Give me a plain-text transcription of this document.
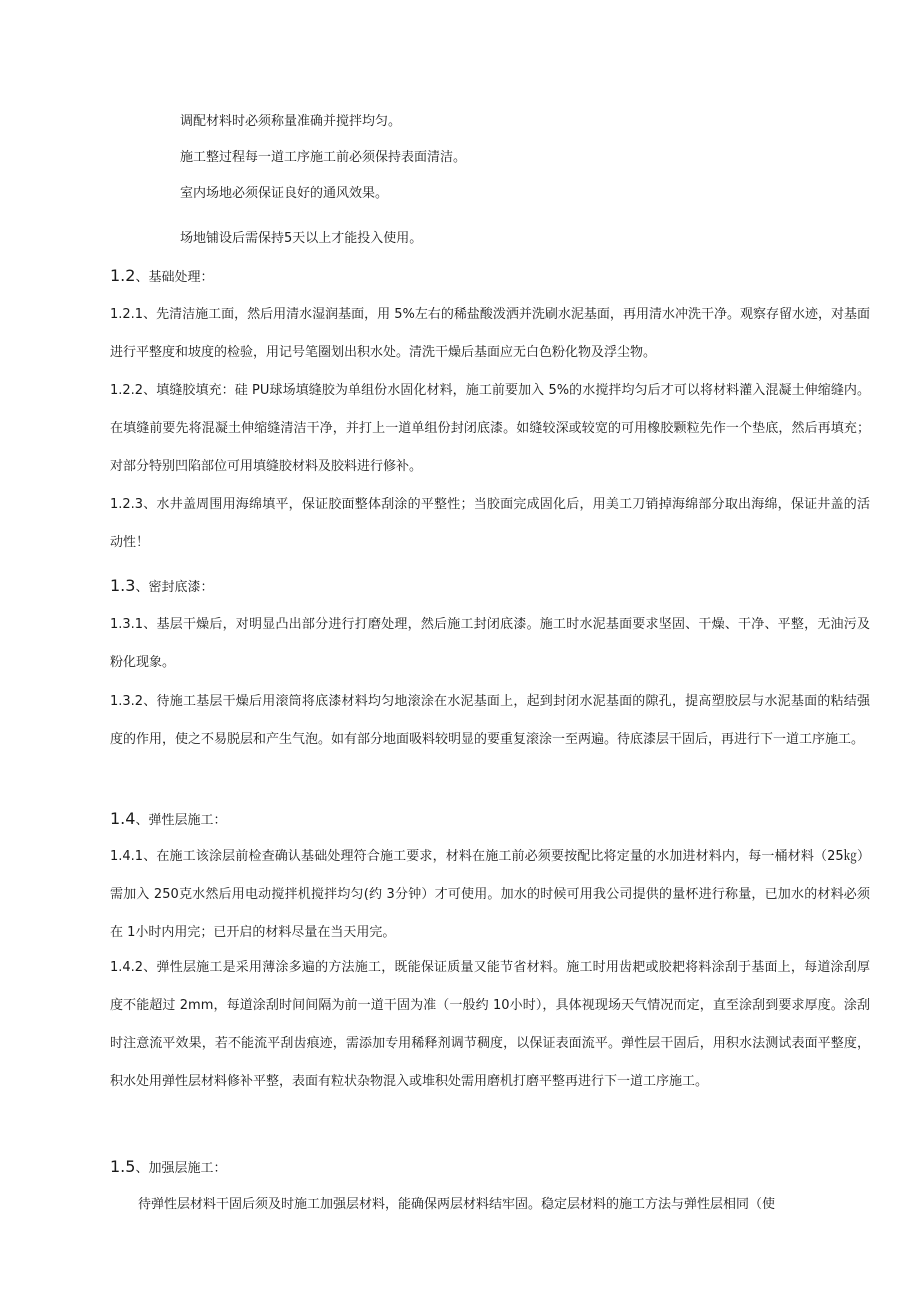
调配材料时必须称量准确并搅拌均匀。
施工整过程每一道工序施工前必须保持表面清洁。
室内场地必须保证良好的通风效果。
场地铺设后需保持5天以上才能投入使用。
1.2、基础处理：

1.2.1、先清洁施工面，然后用清水湿润基面，用 5%左右的稀盐酸泼洒并洗刷水泥基面，再用清水冲洗干净。观察存留水迹，对基面进行平整度和坡度的检验，用记号笔圈划出积水处。清洗干燥后基面应无白色粉化物及浮尘物。

1.2.2、填缝胶填充：硅 PU球场填缝胶为单组份水固化材料，施工前要加入 5%的水搅拌均匀后才可以将材料灌入混凝土伸缩缝内。在填缝前要先将混凝土伸缩缝清洁干净，并打上一道单组份封闭底漆。如缝较深或较宽的可用橡胶颗粒先作一个垫底，然后再填充；对部分特别凹陷部位可用填缝胶材料及胶料进行修补。

1.2.3、水井盖周围用海绵填平，保证胶面整体刮涂的平整性；当胶面完成固化后，用美工刀销掉海绵部分取出海绵，保证井盖的活动性！

1.3、密封底漆：

1.3.1、基层干燥后，对明显凸出部分进行打磨处理，然后施工封闭底漆。施工时水泥基面要求坚固、干燥、干净、平整，无油污及粉化现象。

1.3.2、待施工基层干燥后用滚筒将底漆材料均匀地滚涂在水泥基面上，起到封闭水泥基面的隙孔，提高塑胶层与水泥基面的粘结强度的作用，使之不易脱层和产生气泡。如有部分地面吸料较明显的要重复滚涂一至两遍。待底漆层干固后，再进行下一道工序施工。

1.4、弹性层施工：

1.4.1、在施工该涂层前检查确认基础处理符合施工要求，材料在施工前必须要按配比将定量的水加进材料内，每一桶材料（25㎏）需加入 250克水然后用电动搅拌机搅拌均匀(约 3分钟）才可使用。加水的时候可用我公司提供的量杯进行称量，已加水的材料必须在 1小时内用完；已开启的材料尽量在当天用完。

1.4.2、弹性层施工是采用薄涂多遍的方法施工，既能保证质量又能节省材料。施工时用齿耙或胶耙将料涂刮于基面上，每道涂刮厚度不能超过 2mm，每道涂刮时间间隔为前一道干固为准（一般约 10小时），具体视现场天气情况而定，直至涂刮到要求厚度。涂刮时注意流平效果，若不能流平刮齿痕迹，需添加专用稀释剂调节稠度，以保证表面流平。弹性层干固后，用积水法测试表面平整度，积水处用弹性层材料修补平整，表面有粒状杂物混入或堆积处需用磨机打磨平整再进行下一道工序施工。

1.5、加强层施工：

待弹性层材料干固后须及时施工加强层材料，能确保两层材料结牢固。稳定层材料的施工方法与弹性层相同（使
